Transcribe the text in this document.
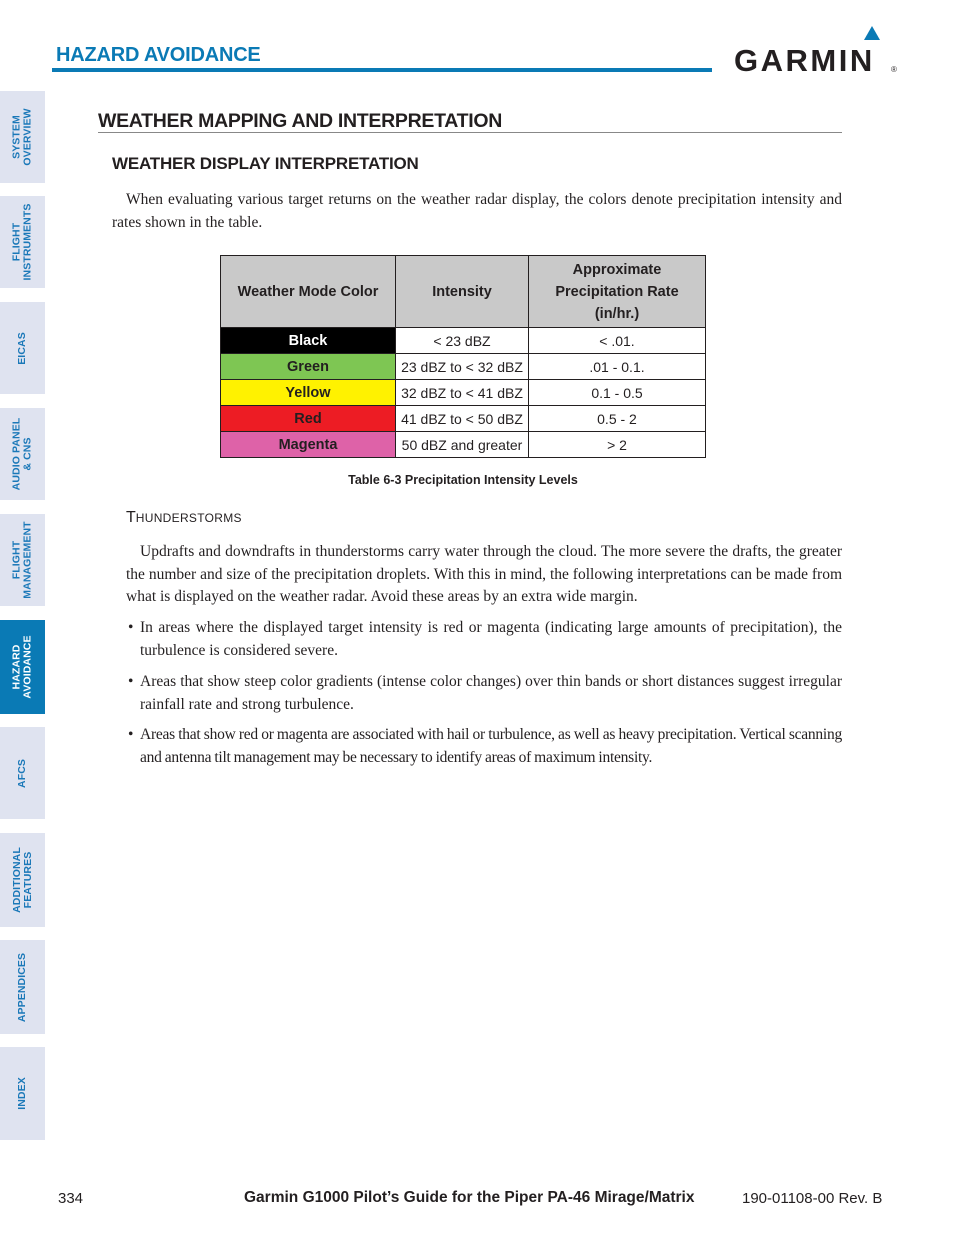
SYSTEM
OVERVIEW
FLIGHT
INSTRUMENTS
EICAS
AUDIO PANEL
& CNS
FLIGHT
MANAGEMENT
HAZARD
AVOIDANCE
AFCS
ADDITIONAL
FEATURES
APPENDICES
INDEX
HAZARD AVOIDANCE	GARMIN ®
WEATHER MAPPING AND INTERPRETATION
WEATHER DISPLAY INTERPRETATION

When evaluating various target returns on the weather radar display, the colors denote precipitation intensity and rates shown in the table.

Weather Mode Color	Intensity	Approximate Precipitation Rate (in/hr.)
Black	< 23 dBZ	< .01.
Green	23 dBZ to < 32 dBZ	.01 - 0.1.
Yellow	32 dBZ to < 41 dBZ	0.1 - 0.5
Red	41 dBZ to < 50 dBZ	0.5 - 2
Magenta	50 dBZ and greater	> 2
Table 6-3 Precipitation Intensity Levels
THUNDERSTORMS

Updrafts and downdrafts in thunderstorms carry water through the cloud. The more severe the drafts, the greater the number and size of the precipitation droplets. With this in mind, the following interpretations can be made from what is displayed on the weather radar. Avoid these areas by an extra wide margin.

• In areas where the displayed target intensity is red or magenta (indicating large amounts of precipitation), the turbulence is considered severe.

• Areas that show steep color gradients (intense color changes) over thin bands or short distances suggest irregular rainfall rate and strong turbulence.

• Areas that show red or magenta are associated with hail or turbulence, as well as heavy precipitation. Vertical scanning and antenna tilt management may be necessary to identify areas of maximum intensity.

334	Garmin G1000 Pilot’s Guide for the Piper PA-46 Mirage/Matrix	190-01108-00 Rev. B
